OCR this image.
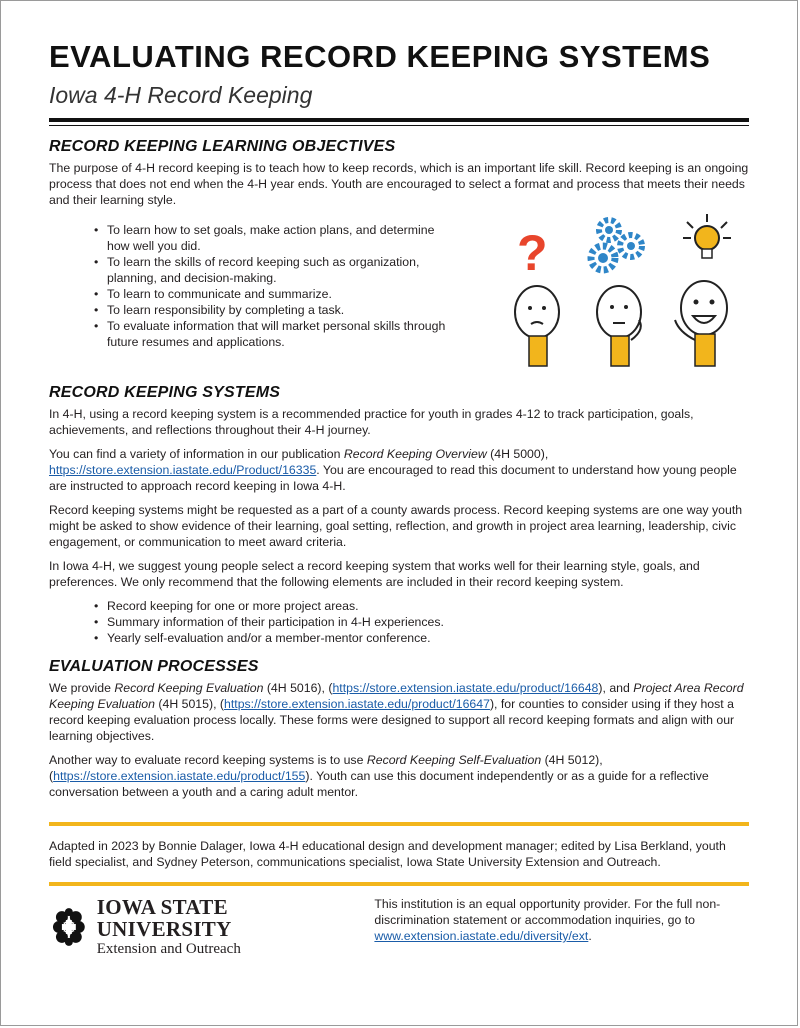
EVALUATING RECORD KEEPING SYSTEMS
Iowa 4-H Record Keeping
RECORD KEEPING LEARNING OBJECTIVES

The purpose of 4-H record keeping is to teach how to keep records, which is an important life skill. Record keeping is an ongoing process that does not end when the 4-H year ends. Youth are encouraged to select a format and process that meets their needs and their learning style.

• To learn how to set goals, make action plans, and determine how well you did.
• To learn the skills of record keeping such as organization, planning, and decision-making.
• To learn to communicate and summarize.
• To learn responsibility by completing a task.
• To evaluate information that will market personal skills through future resumes and applications.
?
RECORD KEEPING SYSTEMS

In 4-H, using a record keeping system is a recommended practice for youth in grades 4-12 to track participation, goals, achievements, and reflections throughout their 4-H journey.

You can find a variety of information in our publication Record Keeping Overview (4H 5000), https://store.extension.iastate.edu/Product/16335. You are encouraged to read this document to understand how young people are instructed to approach record keeping in Iowa 4-H.

Record keeping systems might be requested as a part of a county awards process. Record keeping systems are one way youth might be asked to show evidence of their learning, goal setting, reflection, and growth in project area learning, leadership, civic engagement, or communication to meet award criteria.

In Iowa 4-H, we suggest young people select a record keeping system that works well for their learning style, goals, and preferences. We only recommend that the following elements are included in their record keeping system.

• Record keeping for one or more project areas.
• Summary information of their participation in 4-H experiences.
• Yearly self-evaluation and/or a member-mentor conference.
EVALUATION PROCESSES

We provide Record Keeping Evaluation (4H 5016), (https://store.extension.iastate.edu/product/16648), and Project Area Record Keeping Evaluation (4H 5015), (https://store.extension.iastate.edu/product/16647), for counties to consider using if they host a record keeping evaluation process locally. These forms were designed to support all record keeping formats and align with our learning objectives.

Another way to evaluate record keeping systems is to use Record Keeping Self-Evaluation (4H 5012), (https://store.extension.iastate.edu/product/155). Youth can use this document independently or as a guide for a reflective conversation between a youth and a caring adult mentor.

Adapted in 2023 by Bonnie Dalager, Iowa 4-H educational design and development manager; edited by Lisa Berkland, youth field specialist, and Sydney Peterson, communications specialist, Iowa State University Extension and Outreach.

IOWA STATE UNIVERSITY
Extension and Outreach
This institution is an equal opportunity provider. For the full non-discrimination statement or accommodation inquiries, go to www.extension.iastate.edu/diversity/ext.
